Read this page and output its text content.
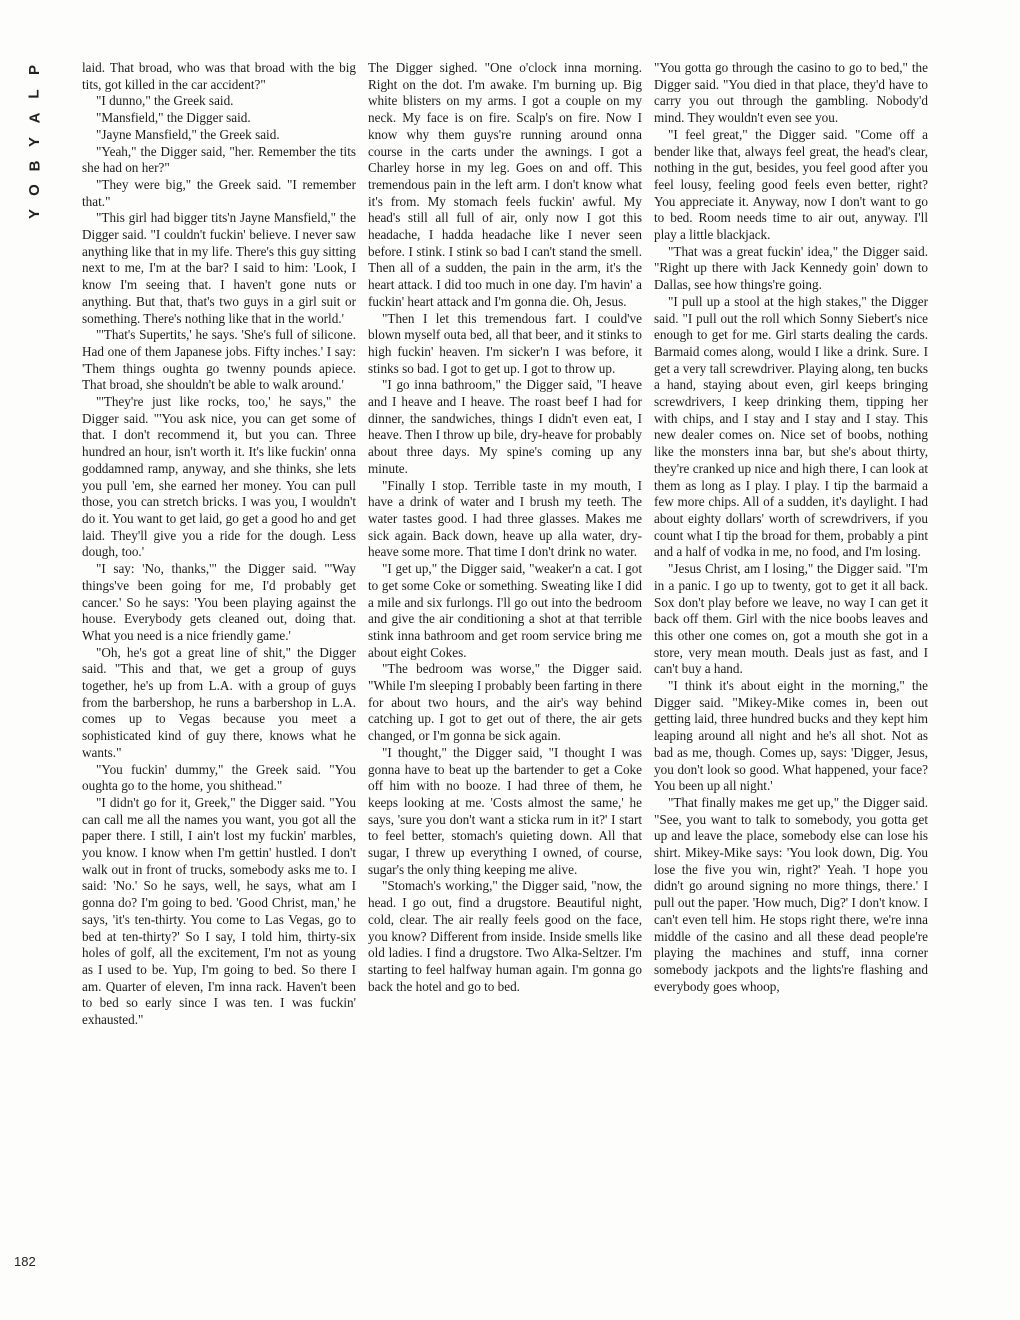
P
L
A
Y
B
O
Y

laid. That broad, who was that broad with the big tits, got killed in the car accident?"

"I dunno," the Greek said.

"Mansfield," the Digger said.

"Jayne Mansfield," the Greek said.

"Yeah," the Digger said, "her. Remember the tits she had on her?"

"They were big," the Greek said. "I remember that."

"This girl had bigger tits'n Jayne Mansfield," the Digger said. "I couldn't fuckin' believe. I never saw anything like that in my life. There's this guy sitting next to me, I'm at the bar? I said to him: 'Look, I know I'm seeing that. I haven't gone nuts or anything. But that, that's two guys in a girl suit or something. There's nothing like that in the world.'

"'That's Supertits,' he says. 'She's full of silicone. Had one of them Japanese jobs. Fifty inches.' I say: 'Them things oughta go twenny pounds apiece. That broad, she shouldn't be able to walk around.'

"'They're just like rocks, too,' he says," the Digger said. "'You ask nice, you can get some of that. I don't recommend it, but you can. Three hundred an hour, isn't worth it. It's like fuckin' onna goddamned ramp, anyway, and she thinks, she lets you pull 'em, she earned her money. You can pull those, you can stretch bricks. I was you, I wouldn't do it. You want to get laid, go get a good ho and get laid. They'll give you a ride for the dough. Less dough, too.'

"I say: 'No, thanks,'" the Digger said. "'Way things've been going for me, I'd probably get cancer.' So he says: 'You been playing against the house. Everybody gets cleaned out, doing that. What you need is a nice friendly game.'

"Oh, he's got a great line of shit," the Digger said. "This and that, we get a group of guys together, he's up from L.A. with a group of guys from the barbershop, he runs a barbershop in L.A. comes up to Vegas because you meet a sophisticated kind of guy there, knows what he wants."

"You fuckin' dummy," the Greek said. "You oughta go to the home, you shithead."

"I didn't go for it, Greek," the Digger said. "You can call me all the names you want, you got all the paper there. I still, I ain't lost my fuckin' marbles, you know. I know when I'm gettin' hustled. I don't walk out in front of trucks, somebody asks me to. I said: 'No.' So he says, well, he says, what am I gonna do? I'm going to bed. 'Good Christ, man,' he says, 'it's ten-thirty. You come to Las Vegas, go to bed at ten-thirty?' So I say, I told him, thirty-six holes of golf, all the excitement, I'm not as young as I used to be. Yup, I'm going to bed. So there I am. Quarter of eleven, I'm inna rack. Haven't been to bed so early since I was ten. I was fuckin' exhausted."

The Digger sighed. "One o'clock inna morning. Right on the dot. I'm awake. I'm burning up. Big white blisters on my arms. I got a couple on my neck. My face is on fire. Scalp's on fire. Now I know why them guys're running around onna course in the carts under the awnings. I got a Charley horse in my leg. Goes on and off. This tremendous pain in the left arm. I don't know what it's from. My stomach feels fuckin' awful. My head's still all full of air, only now I got this headache, I hadda headache like I never seen before. I stink. I stink so bad I can't stand the smell. Then all of a sudden, the pain in the arm, it's the heart attack. I did too much in one day. I'm havin' a fuckin' heart attack and I'm gonna die. Oh, Jesus.

"Then I let this tremendous fart. I could've blown myself outa bed, all that beer, and it stinks to high fuckin' heaven. I'm sicker'n I was before, it stinks so bad. I got to get up. I got to throw up.

"I go inna bathroom," the Digger said, "I heave and I heave and I heave. The roast beef I had for dinner, the sandwiches, things I didn't even eat, I heave. Then I throw up bile, dry-heave for probably about three days. My spine's coming up any minute.

"Finally I stop. Terrible taste in my mouth, I have a drink of water and I brush my teeth. The water tastes good. I had three glasses. Makes me sick again. Back down, heave up alla water, dry-heave some more. That time I don't drink no water.

"I get up," the Digger said, "weaker'n a cat. I got to get some Coke or something. Sweating like I did a mile and six furlongs. I'll go out into the bedroom and give the air conditioning a shot at that terrible stink inna bathroom and get room service bring me about eight Cokes.

"The bedroom was worse," the Digger said. "While I'm sleeping I probably been farting in there for about two hours, and the air's way behind catching up. I got to get out of there, the air gets changed, or I'm gonna be sick again.

"I thought," the Digger said, "I thought I was gonna have to beat up the bartender to get a Coke off him with no booze. I had three of them, he keeps looking at me. 'Costs almost the same,' he says, 'sure you don't want a sticka rum in it?' I start to feel better, stomach's quieting down. All that sugar, I threw up everything I owned, of course, sugar's the only thing keeping me alive.

"Stomach's working," the Digger said, "now, the head. I go out, find a drugstore. Beautiful night, cold, clear. The air really feels good on the face, you know? Different from inside. Inside smells like old ladies. I find a drugstore. Two Alka-Seltzer. I'm starting to feel halfway human again. I'm gonna go back the hotel and go to bed.

"You gotta go through the casino to go to bed," the Digger said. "You died in that place, they'd have to carry you out through the gambling. Nobody'd mind. They wouldn't even see you.

"I feel great," the Digger said. "Come off a bender like that, always feel great, the head's clear, nothing in the gut, besides, you feel good after you feel lousy, feeling good feels even better, right? You appreciate it. Anyway, now I don't want to go to bed. Room needs time to air out, anyway. I'll play a little blackjack.

"That was a great fuckin' idea," the Digger said. "Right up there with Jack Kennedy goin' down to Dallas, see how things're going.

"I pull up a stool at the high stakes," the Digger said. "I pull out the roll which Sonny Siebert's nice enough to get for me. Girl starts dealing the cards. Barmaid comes along, would I like a drink. Sure. I get a very tall screwdriver. Playing along, ten bucks a hand, staying about even, girl keeps bringing screwdrivers, I keep drinking them, tipping her with chips, and I stay and I stay and I stay. This new dealer comes on. Nice set of boobs, nothing like the monsters inna bar, but she's about thirty, they're cranked up nice and high there, I can look at them as long as I play. I play. I tip the barmaid a few more chips. All of a sudden, it's daylight. I had about eighty dollars' worth of screwdrivers, if you count what I tip the broad for them, probably a pint and a half of vodka in me, no food, and I'm losing.

"Jesus Christ, am I losing," the Digger said. "I'm in a panic. I go up to twenty, got to get it all back. Sox don't play before we leave, no way I can get it back off them. Girl with the nice boobs leaves and this other one comes on, got a mouth she got in a store, very mean mouth. Deals just as fast, and I can't buy a hand.

"I think it's about eight in the morning," the Digger said. "Mikey-Mike comes in, been out getting laid, three hundred bucks and they kept him leaping around all night and he's all shot. Not as bad as me, though. Comes up, says: 'Digger, Jesus, you don't look so good. What happened, your face? You been up all night.'

"That finally makes me get up," the Digger said. "See, you want to talk to somebody, you gotta get up and leave the place, somebody else can lose his shirt. Mikey-Mike says: 'You look down, Dig. You lose the five you win, right?' Yeah. 'I hope you didn't go around signing no more things, there.' I pull out the paper. 'How much, Dig?' I don't know. I can't even tell him. He stops right there, we're inna middle of the casino and all these dead people're playing the machines and stuff, inna corner somebody jackpots and the lights're flashing and everybody goes whoop,

182
